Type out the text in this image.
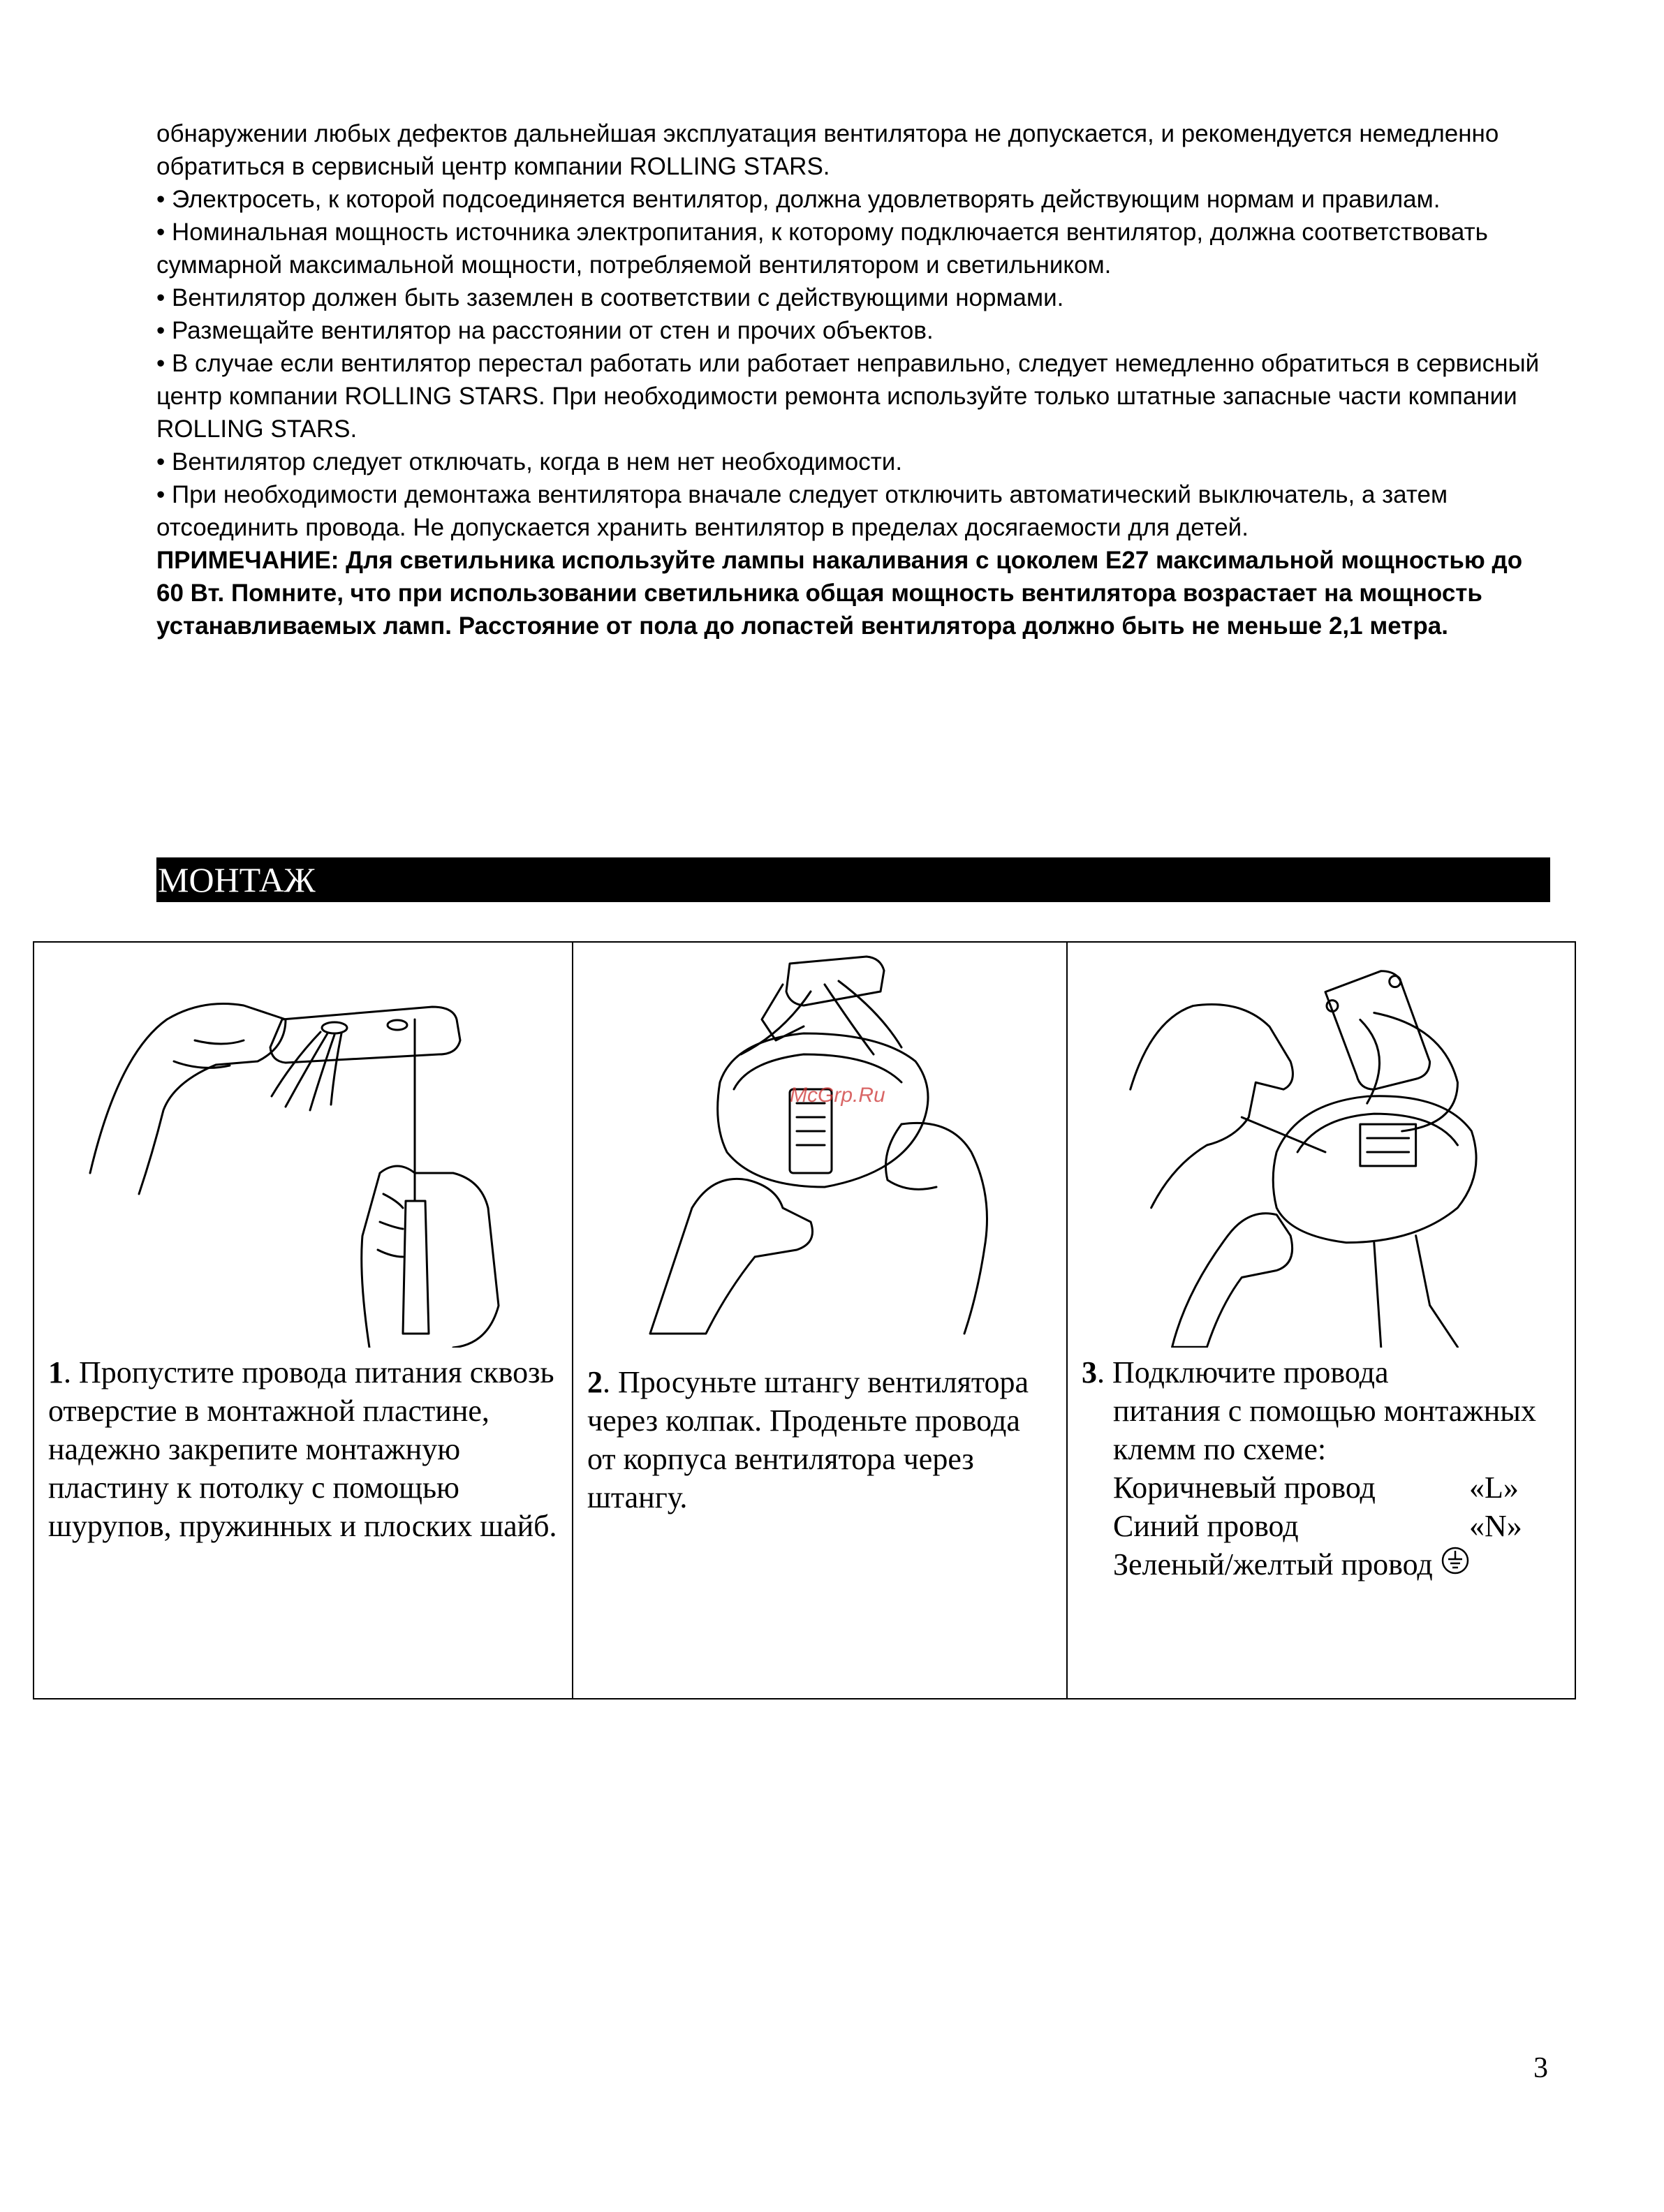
обнаружении любых дефектов дальнейшая эксплуатация вентилятора не допускается, и рекомендуется немедленно обратиться в сервисный центр компании ROLLING STARS.

• Электросеть, к которой подсоединяется вентилятор, должна удовлетворять действующим нормам и правилам.

• Номинальная мощность источника электропитания, к которому подключается вентилятор, должна соответствовать суммарной максимальной мощности, потребляемой вентилятором и светильником.

• Вентилятор должен быть заземлен в соответствии с действующими нормами.

• Размещайте вентилятор на расстоянии от стен и прочих объектов.

• В случае если вентилятор перестал работать или работает неправильно, следует немедленно обратиться в сервисный центр компании ROLLING STARS. При необходимости ремонта используйте только штатные запасные части компании ROLLING STARS.

• Вентилятор следует отключать, когда в нем нет необходимости.

• При необходимости демонтажа вентилятора вначале следует отключить автоматический выключатель, а затем отсоединить провода. Не допускается хранить вентилятор в пределах досягаемости для детей.

ПРИМЕЧАНИЕ: Для светильника используйте лампы накаливания с цоколем E27 максимальной мощностью до 60 Вт. Помните, что при использовании светильника общая мощность вентилятора возрастает на мощность устанавливаемых ламп. Расстояние от пола до лопастей вентилятора должно быть не меньше 2,1 метра.

МОНТАЖ
1. Пропустите провода питания сквозь отверстие в монтажной пластине, надежно закрепите монтажную пластину к потолку с помощью шурупов, пружинных и плоских шайб.
McGrp.Ru
2. Просуньте штангу вентилятора через колпак. Проденьте провода от корпуса вентилятора через штангу.
3. Подключите провода
питания с помощью монтажных
клемм по схеме:
Коричневый провод	«L»
Синий провод	«N»
Зеленый/желтый провод
3
